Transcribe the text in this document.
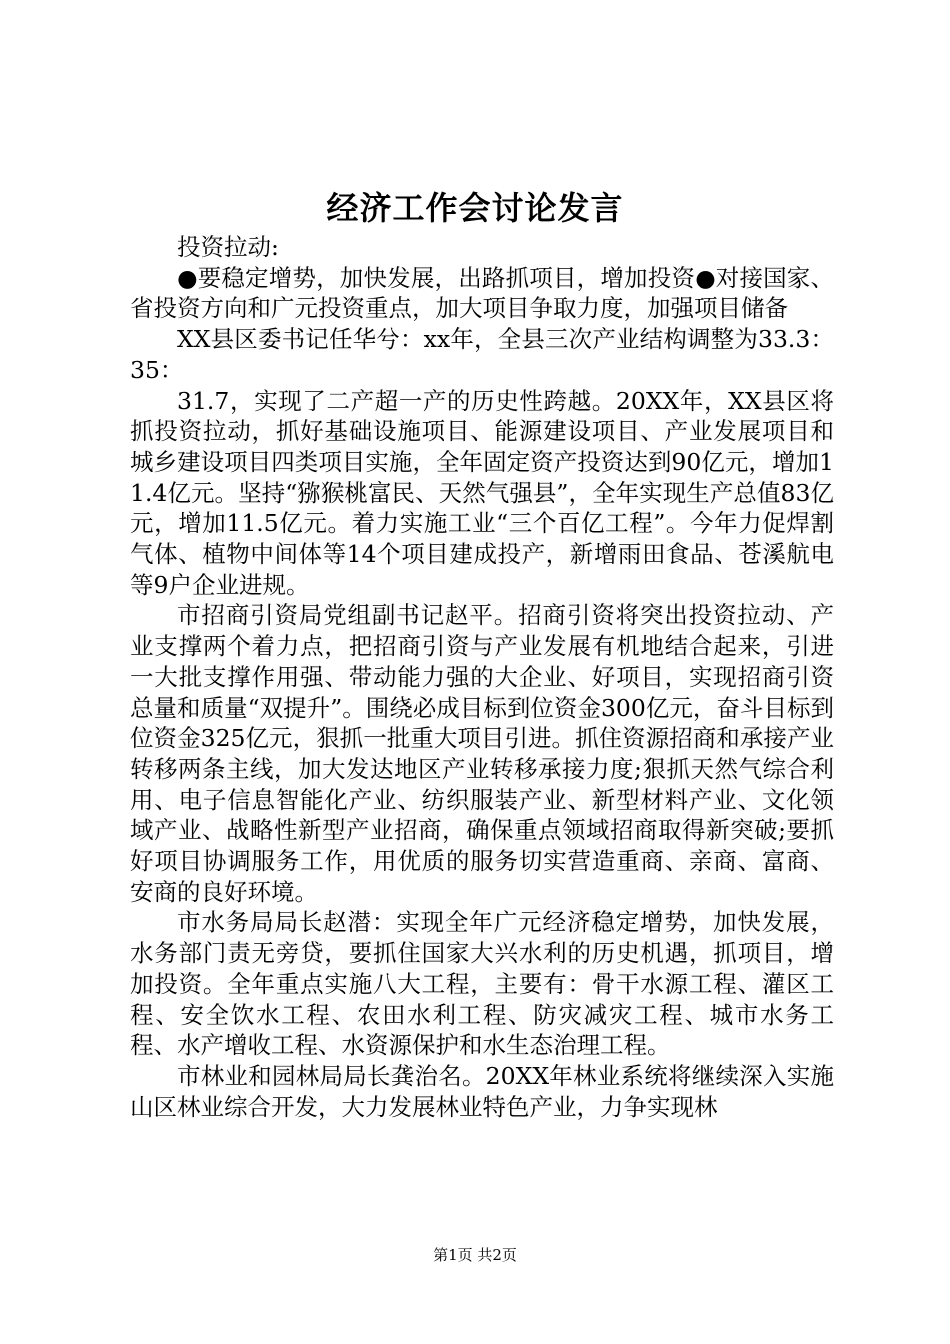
经济工作会讨论发言

投资拉动:

●要稳定增势，加快发展，出路抓项目，增加投资●对接国家、省投资方向和广元投资重点，加大项目争取力度，加强项目储备

XX县区委书记任华兮：xx年，全县三次产业结构调整为33.3：35：

31.7，实现了二产超一产的历史性跨越。20XX年，XX县区将抓投资拉动，抓好基础设施项目、能源建设项目、产业发展项目和城乡建设项目四类项目实施，全年固定资产投资达到90亿元，增加11.4亿元。坚持“猕猴桃富民、天然气强县”，全年实现生产总值83亿元，增加11.5亿元。着力实施工业“三个百亿工程”。今年力促焊割气体、植物中间体等14个项目建成投产，新增雨田食品、苍溪航电等9户企业进规。

市招商引资局党组副书记赵平。招商引资将突出投资拉动、产业支撑两个着力点，把招商引资与产业发展有机地结合起来，引进一大批支撑作用强、带动能力强的大企业、好项目，实现招商引资总量和质量“双提升”。围绕必成目标到位资金300亿元，奋斗目标到位资金325亿元，狠抓一批重大项目引进。抓住资源招商和承接产业转移两条主线，加大发达地区产业转移承接力度;狠抓天然气综合利用、电子信息智能化产业、纺织服装产业、新型材料产业、文化领域产业、战略性新型产业招商，确保重点领域招商取得新突破;要抓好项目协调服务工作，用优质的服务切实营造重商、亲商、富商、安商的良好环境。

市水务局局长赵潜：实现全年广元经济稳定增势，加快发展，水务部门责无旁贷，要抓住国家大兴水利的历史机遇，抓项目，增加投资。全年重点实施八大工程，主要有：骨干水源工程、灌区工程、安全饮水工程、农田水利工程、防灾减灾工程、城市水务工程、水产增收工程、水资源保护和水生态治理工程。

市林业和园林局局长龚治名。20XX年林业系统将继续深入实施山区林业综合开发，大力发展林业特色产业，力争实现林

第1页 共2页
